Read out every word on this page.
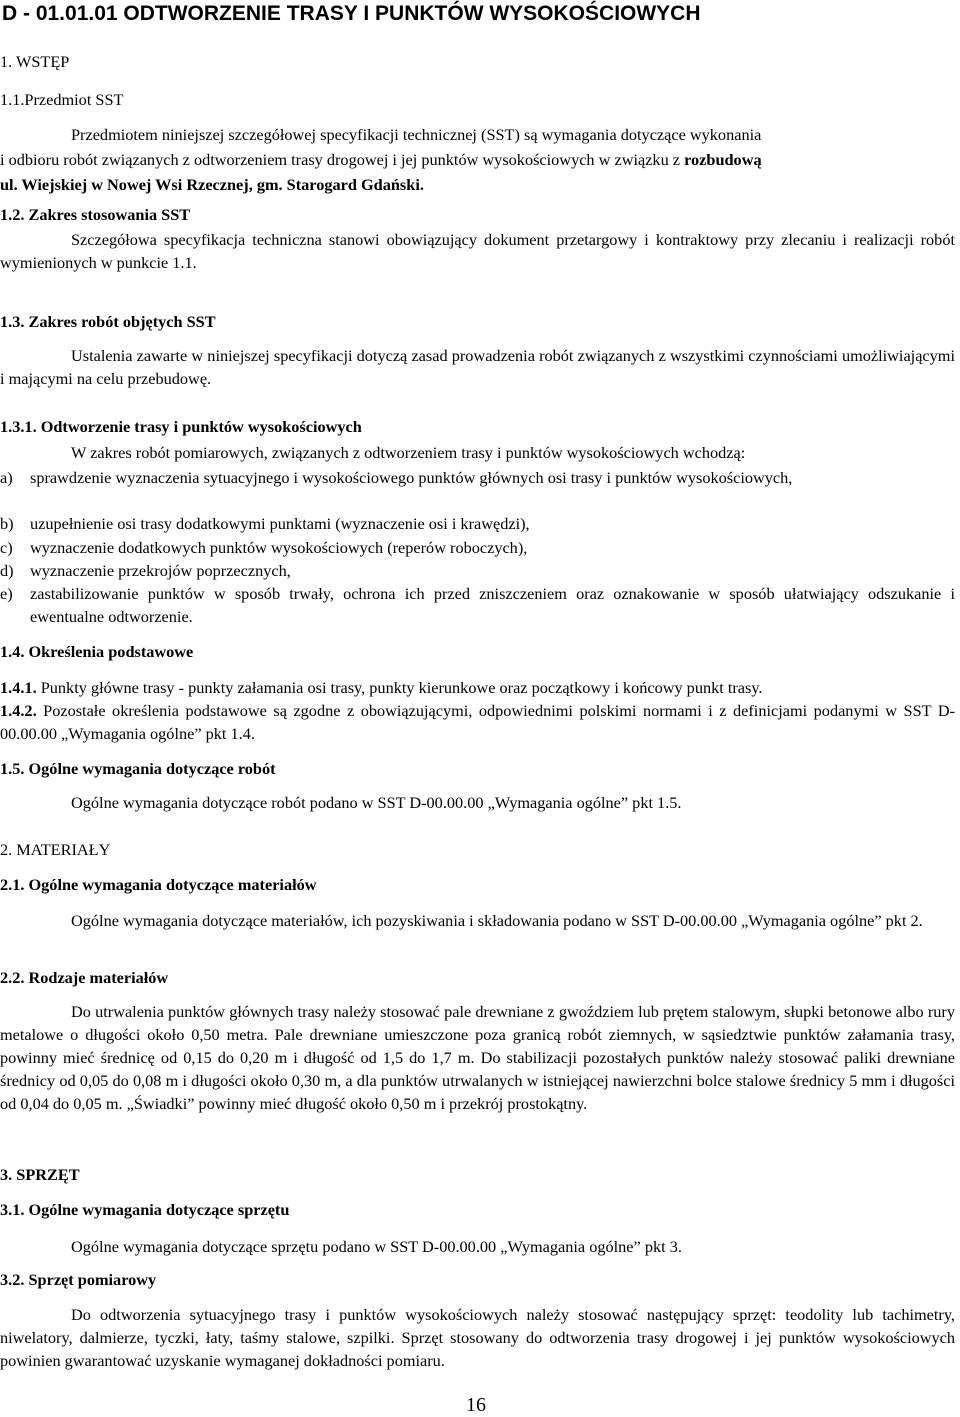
D - 01.01.01 ODTWORZENIE TRASY I PUNKTÓW WYSOKOŚCIOWYCH
1. WSTĘP
1.1.Przedmiot SST
Przedmiotem niniejszej szczegółowej specyfikacji technicznej (SST) są wymagania dotyczące wykonania
i odbioru robót związanych z odtworzeniem trasy drogowej i jej punktów wysokościowych w związku z rozbudową
ul. Wiejskiej w Nowej Wsi Rzecznej, gm. Starogard Gdański.
1.2. Zakres stosowania SST
Szczegółowa specyfikacja techniczna stanowi obowiązujący dokument przetargowy i kontraktowy przy zlecaniu i realizacji robót wymienionych w punkcie 1.1.
1.3. Zakres robót objętych SST
Ustalenia zawarte w niniejszej specyfikacji dotyczą zasad prowadzenia robót związanych z wszystkimi czynnościami umożliwiającymi i mającymi na celu przebudowę.
1.3.1. Odtworzenie trasy i punktów wysokościowych
W zakres robót pomiarowych, związanych z odtworzeniem trasy i punktów wysokościowych wchodzą:
a) sprawdzenie wyznaczenia sytuacyjnego i wysokościowego punktów głównych osi trasy i punktów wysokościowych,
b) uzupełnienie osi trasy dodatkowymi punktami (wyznaczenie osi i krawędzi),
c) wyznaczenie dodatkowych punktów wysokościowych (reperów roboczych),
d) wyznaczenie przekrojów poprzecznych,
e) zastabilizowanie punktów w sposób trwały, ochrona ich przed zniszczeniem oraz oznakowanie w sposób ułatwiający odszukanie i ewentualne odtworzenie.
1.4. Określenia podstawowe
1.4.1. Punkty główne trasy - punkty załamania osi trasy, punkty kierunkowe oraz początkowy i końcowy punkt trasy.
1.4.2. Pozostałe określenia podstawowe są zgodne z obowiązującymi, odpowiednimi polskimi normami i z definicjami podanymi w SST D-00.00.00 „Wymagania ogólne” pkt 1.4.
1.5. Ogólne wymagania dotyczące robót
Ogólne wymagania dotyczące robót podano w SST D-00.00.00 „Wymagania ogólne” pkt 1.5.
2. MATERIAŁY
2.1. Ogólne wymagania dotyczące materiałów
Ogólne wymagania dotyczące materiałów, ich pozyskiwania i składowania podano w SST D-00.00.00 „Wymagania ogólne” pkt 2.
2.2. Rodzaje materiałów
Do utrwalenia punktów głównych trasy należy stosować pale drewniane z gwoździem lub prętem stalowym, słupki betonowe albo rury metalowe o długości około 0,50 metra. Pale drewniane umieszczone poza granicą robót ziemnych, w sąsiedztwie punktów załamania trasy, powinny mieć średnicę od 0,15 do 0,20 m i długość od 1,5 do 1,7 m. Do stabilizacji pozostałych punktów należy stosować paliki drewniane średnicy od 0,05 do 0,08 m i długości około 0,30 m, a dla punktów utrwalanych w istniejącej nawierzchni bolce stalowe średnicy 5 mm i długości od 0,04 do 0,05 m. „Świadki” powinny mieć długość około 0,50 m i przekrój prostokątny.
3. SPRZĘT
3.1. Ogólne wymagania dotyczące sprzętu
Ogólne wymagania dotyczące sprzętu podano w SST D-00.00.00 „Wymagania ogólne” pkt 3.
3.2. Sprzęt pomiarowy
Do odtworzenia sytuacyjnego trasy i punktów wysokościowych należy stosować następujący sprzęt: teodolity lub tachimetry, niwelatory, dalmierze, tyczki, łaty, taśmy stalowe, szpilki. Sprzęt stosowany do odtworzenia trasy drogowej i jej punktów wysokościowych powinien gwarantować uzyskanie wymaganej dokładności pomiaru.
16
